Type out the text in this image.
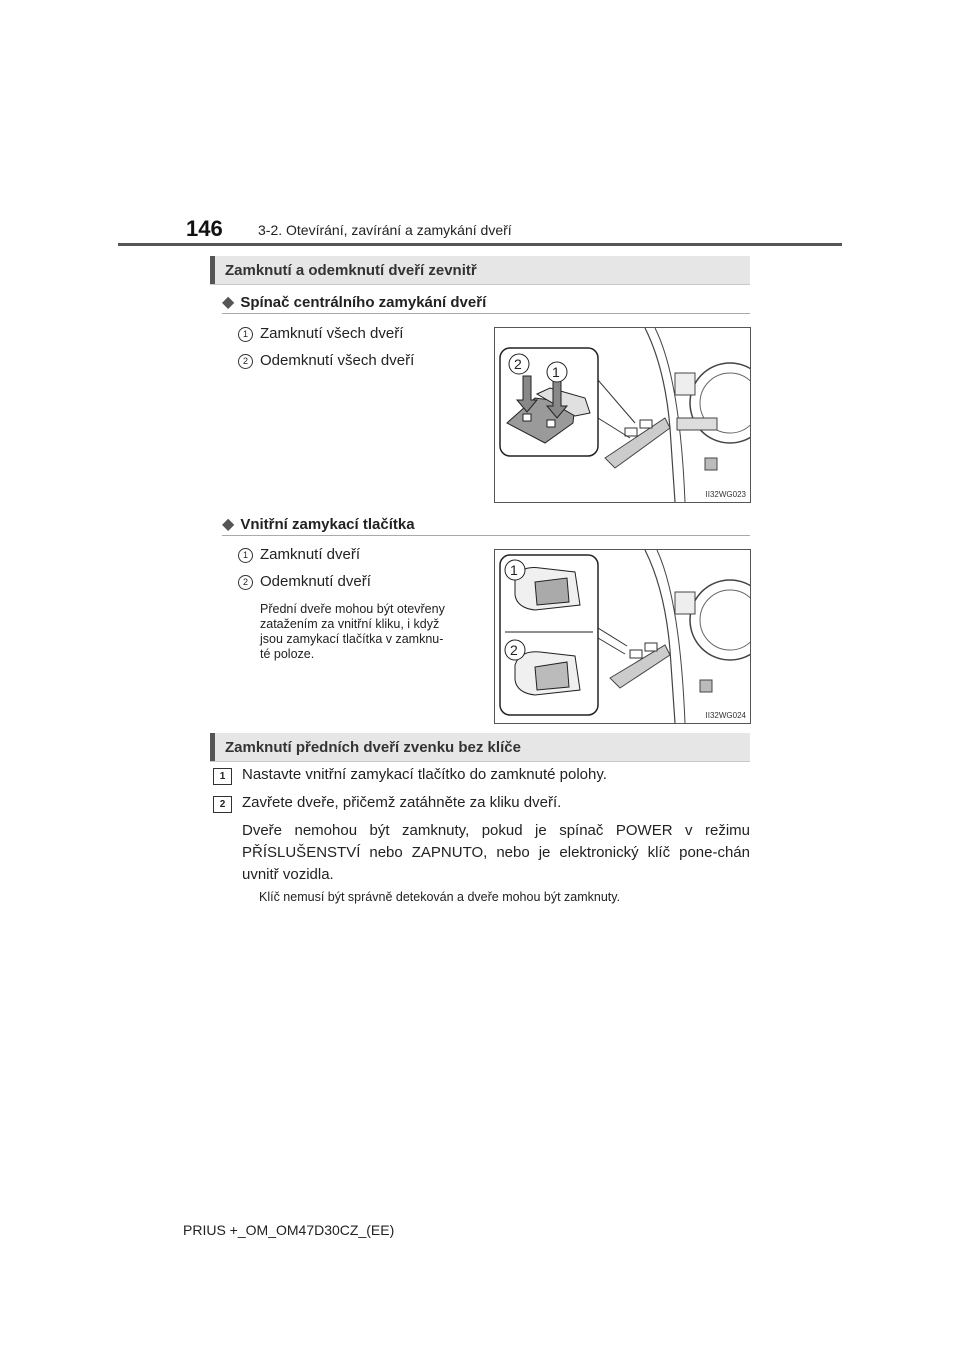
146	3-2. Otevírání, zavírání a zamykání dveří
Zamknutí a odemknutí dveří zevnitř
◆ Spínač centrálního zamykání dveří
1 Zamknutí všech dveří
2 Odemknutí všech dveří	2 1
II32WG023
◆ Vnitřní zamykací tlačítka
1 Zamknutí dveří
2 Odemknutí dveří
Přední dveře mohou být otevřeny
zatažením za vnitřní kliku, i když
jsou zamykací tlačítka v zamknu-
té poloze.
1
2
II32WG024
Zamknutí předních dveří zvenku bez klíče
1	Nastavte vnitřní zamykací tlačítko do zamknuté polohy.
2	Zavřete dveře, přičemž zatáhněte za kliku dveří.
Dveře nemohou být zamknuty, pokud je spínač POWER v režimu PŘÍSLUŠENSTVÍ nebo ZAPNUTO, nebo je elektronický klíč pone-chán uvnitř vozidla.
Klíč nemusí být správně detekován a dveře mohou být zamknuty.
PRIUS +_OM_OM47D30CZ_(EE)
